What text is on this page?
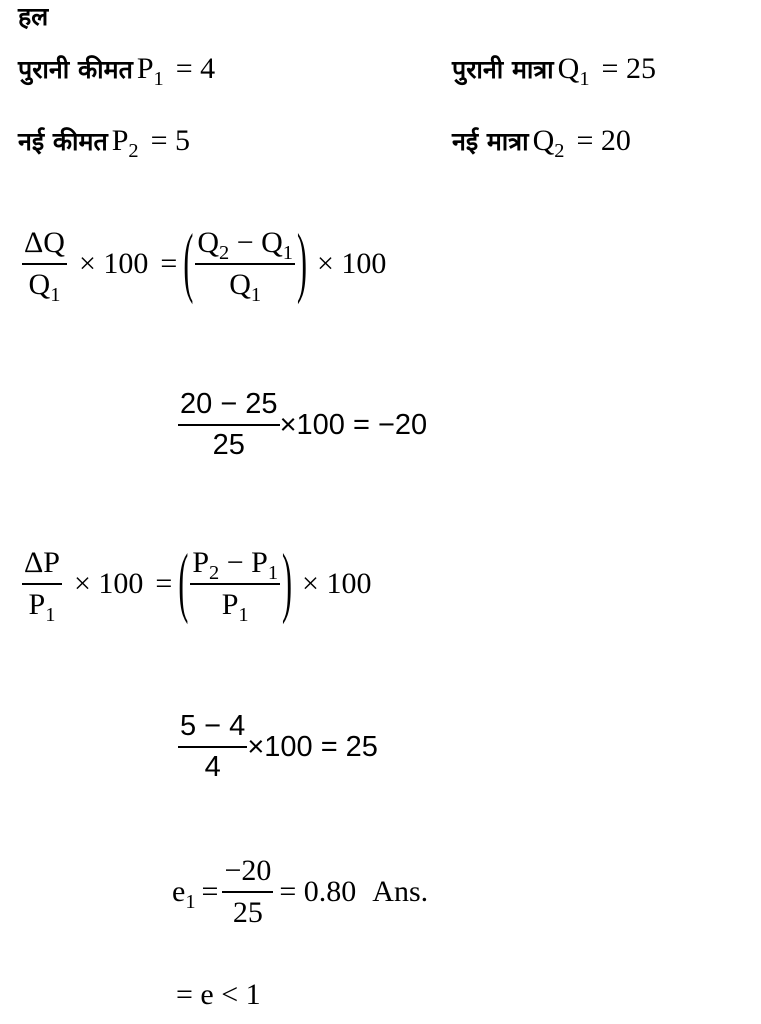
हल
पुरानी कीमत $P_1 = 4$	पुरानी मात्रा $Q_1 = 25$
नई कीमत $P_2 = 5$	नई मात्रा $Q_2 = 20$
$\frac{\Delta Q}{Q_1} \times 100$ = ( $\frac{Q_2 - Q_1}{Q_1}$ ) × 100
$\frac{20 - 25}{25} \times 100 = -20$
$\frac{\Delta P}{P_1} \times 100$ = ( $\frac{P_2 - P_1}{P_1}$ ) × 100
$\frac{5 - 4}{4} \times 100 = 25$
$e_1 = \frac{-20}{25} = 0.80$ Ans.
= e < 1
